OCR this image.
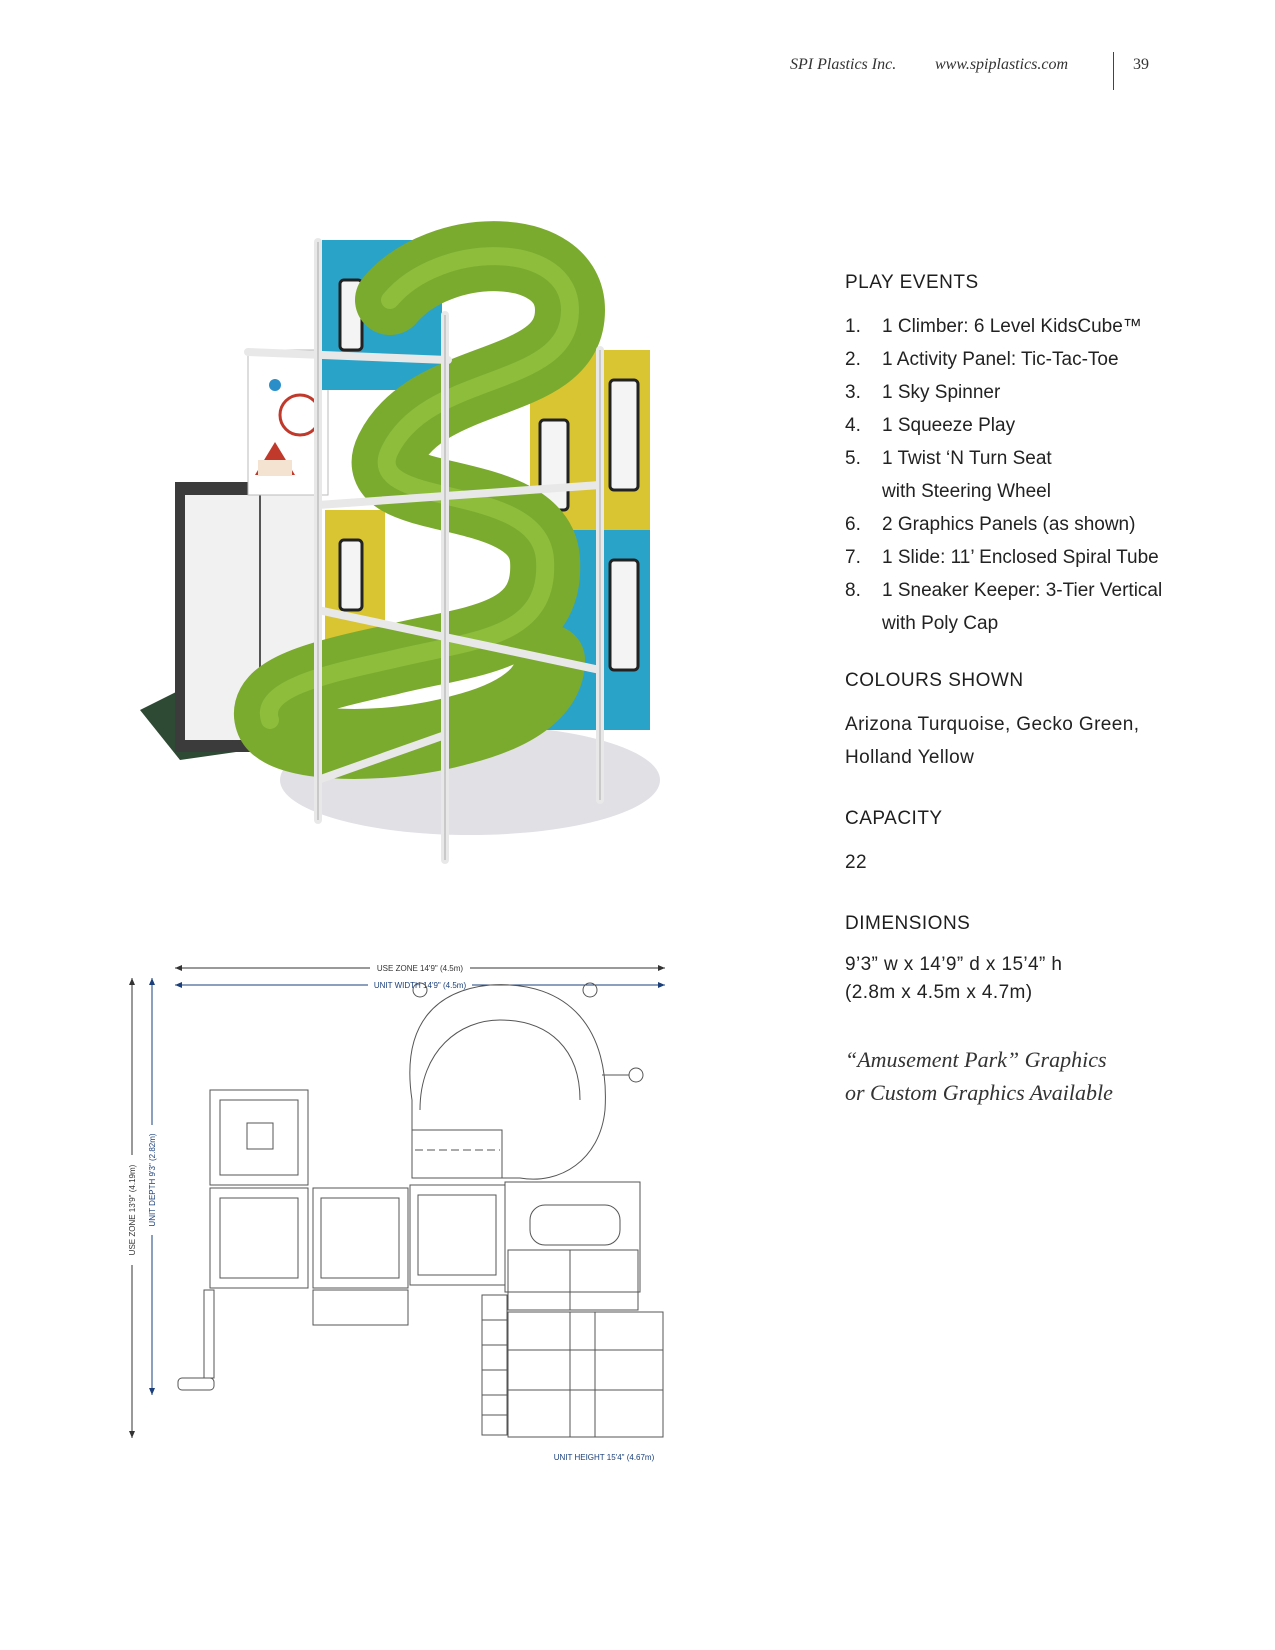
SPI Plastics Inc. www.spiplastics.com	39
USE ZONE 14'9" (4.5m)
UNIT WIDTH 14'9" (4.5m)
USE ZONE 13'9" (4.19m) UNIT DEPTH 9'3" (2.82m)
UNIT HEIGHT 15'4" (4.67m)
PLAY EVENTS
1. 1 Climber: 6 Level KidsCube™
2. 1 Activity Panel: Tic-Tac-Toe
3. 1 Sky Spinner
4. 1 Squeeze Play
5. 1 Twist ‘N Turn Seat
with Steering Wheel
6. 2 Graphics Panels (as shown)
7. 1 Slide: 11’ Enclosed Spiral Tube
8. 1 Sneaker Keeper: 3-Tier Vertical
with Poly Cap
COLOURS SHOWN
Arizona Turquoise, Gecko Green,
Holland Yellow
CAPACITY
22
DIMENSIONS
9’3” w x 14’9” d x 15’4” h
(2.8m x 4.5m x 4.7m)
“Amusement Park” Graphics
or Custom Graphics Available
